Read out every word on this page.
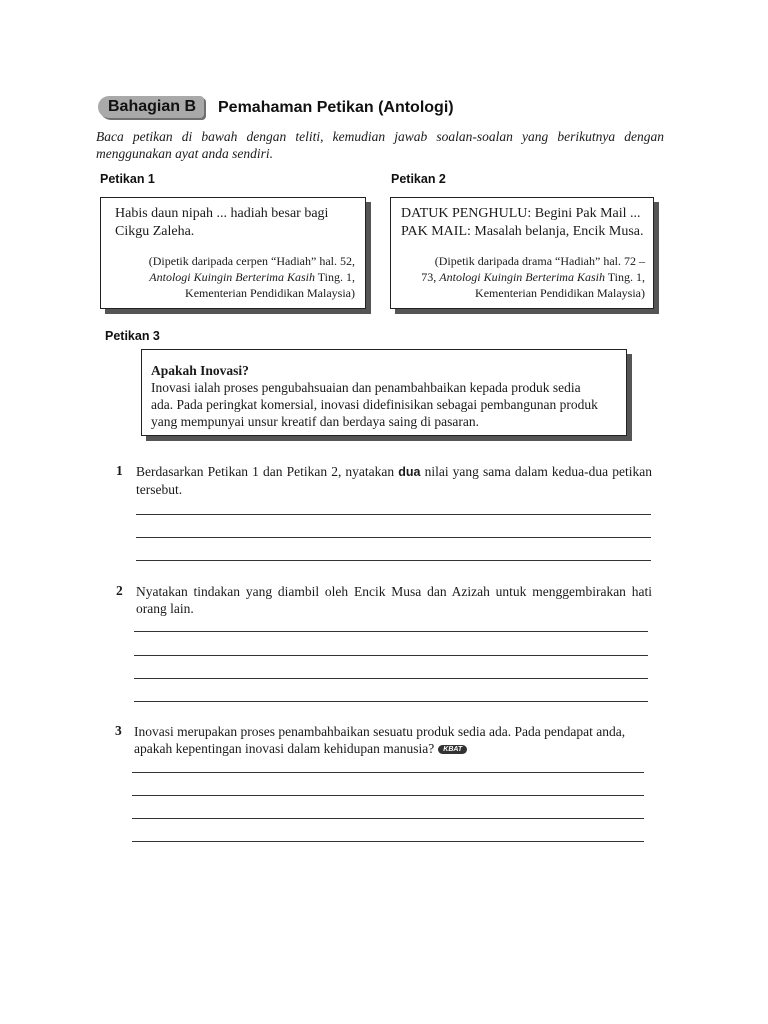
Bahagian B	Pemahaman Petikan (Antologi)
Baca petikan di bawah dengan teliti, kemudian jawab soalan-soalan yang berikutnya dengan menggunakan ayat anda sendiri.
Petikan 1	Petikan 2
Habis daun nipah ... hadiah besar bagi
Cikgu Zaleha.
(Dipetik daripada cerpen “Hadiah” hal. 52,
Antologi Kuingin Berterima Kasih Ting. 1,
Kementerian Pendidikan Malaysia)
DATUK PENGHULU: Begini Pak Mail ...
PAK MAIL: Masalah belanja, Encik Musa.
(Dipetik daripada drama “Hadiah” hal. 72 –
73, Antologi Kuingin Berterima Kasih Ting. 1,
Kementerian Pendidikan Malaysia)
Petikan 3
Apakah Inovasi?
Inovasi ialah proses pengubahsuaian dan penambahbaikan kepada produk sedia
ada. Pada peringkat komersial, inovasi didefinisikan sebagai pembangunan produk
yang mempunyai unsur kreatif dan berdaya saing di pasaran.
1 Berdasarkan Petikan 1 dan Petikan 2, nyatakan dua nilai yang sama dalam kedua-dua petikan tersebut.
2 Nyatakan tindakan yang diambil oleh Encik Musa dan Azizah untuk menggembirakan hati orang lain.
3 Inovasi merupakan proses penambahbaikan sesuatu produk sedia ada. Pada pendapat anda,
apakah kepentingan inovasi dalam kehidupan manusia? KBAT
